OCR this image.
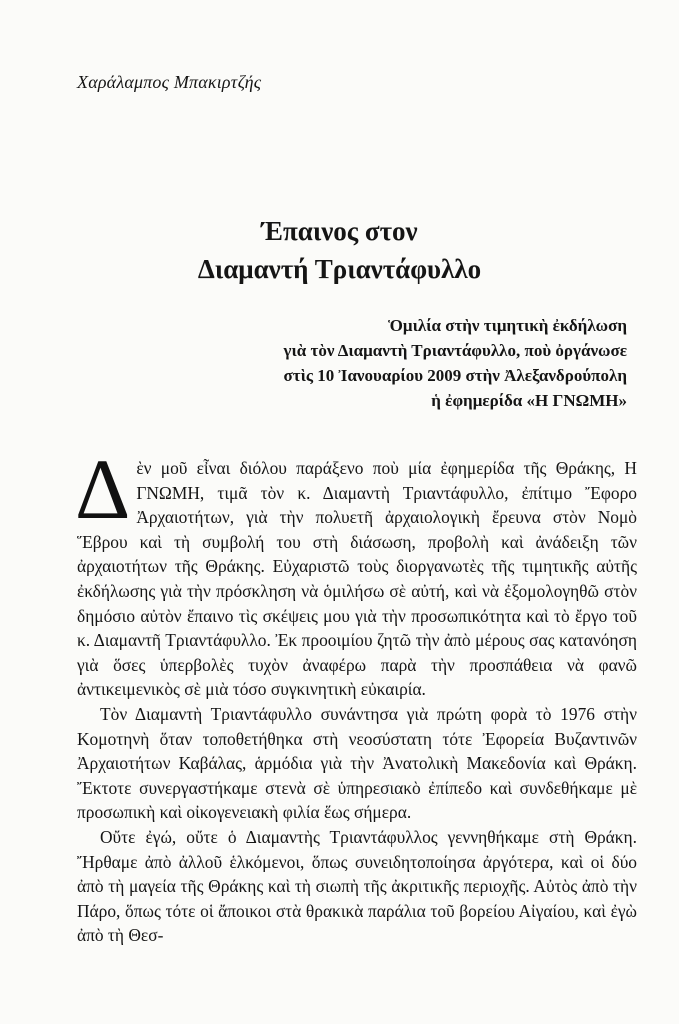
Χαράλαμπος Μπακιρτζής
Έπαινος στον
Διαμαντή Τριαντάφυλλο
Ὁμιλία στὴν τιμητικὴ ἐκδήλωση
γιὰ τὸν Διαμαντὴ Τριαντάφυλλο, ποὺ ὀργάνωσε
στὶς 10 Ἰανουαρίου 2009 στὴν Ἀλεξανδρούπολη
ἡ ἐφημερίδα «Η ΓΝΩΜΗ»

Δὲν μοῦ εἶναι διόλου παράξενο ποὺ μία ἐφημερίδα τῆς Θράκης, Η ΓΝΩΜΗ, τιμᾶ τὸν κ. Διαμαντὴ Τριαντάφυλλο, ἐπίτιμο Ἔφορο Ἀρχαιοτήτων, γιὰ τὴν πολυετῆ ἀρχαιολογικὴ ἔρευνα στὸν Νομὸ Ἕβρου καὶ τὴ συμβολή του στὴ διάσωση, προβολὴ καὶ ἀνάδειξη τῶν ἀρχαιοτήτων τῆς Θράκης. Εὐχαριστῶ τοὺς διοργανωτὲς τῆς τιμητικῆς αὐτῆς ἐκδήλωσης γιὰ τὴν πρόσκληση νὰ ὁμιλήσω σὲ αὐτή, καὶ νὰ ἐξομολογηθῶ στὸν δημόσιο αὐτὸν ἔπαινο τὶς σκέψεις μου γιὰ τὴν προσωπικότητα καὶ τὸ ἔργο τοῦ κ. Διαμαντῆ Τριαντάφυλλο. Ἐκ προοιμίου ζητῶ τὴν ἀπὸ μέρους σας κατανόηση γιὰ ὅσες ὑπερβολὲς τυχὸν ἀναφέρω παρὰ τὴν προσπάθεια νὰ φανῶ ἀντικειμενικὸς σὲ μιὰ τόσο συγκινητικὴ εὐκαιρία.

Τὸν Διαμαντὴ Τριαντάφυλλο συνάντησα γιὰ πρώτη φορὰ τὸ 1976 στὴν Κομοτηνὴ ὅταν τοποθετήθηκα στὴ νεοσύστατη τότε Ἐφορεία Βυζαντινῶν Ἀρχαιοτήτων Καβάλας, ἁρμόδια γιὰ τὴν Ἀνατολικὴ Μακεδονία καὶ Θράκη. Ἔκτοτε συνεργαστήκαμε στενὰ σὲ ὑπηρεσιακὸ ἐπίπεδο καὶ συνδεθήκαμε μὲ προσωπικὴ καὶ οἰκογενειακὴ φιλία ἕως σήμερα.

Οὔτε ἐγώ, οὔτε ὁ Διαμαντὴς Τριαντάφυλλος γεννηθήκαμε στὴ Θράκη. Ἤρθαμε ἀπὸ ἀλλοῦ ἑλκόμενοι, ὅπως συνειδητοποίησα ἀργότερα, καὶ οἱ δύο ἀπὸ τὴ μαγεία τῆς Θράκης καὶ τὴ σιωπὴ τῆς ἀκριτικῆς περιοχῆς. Αὐτὸς ἀπὸ τὴν Πάρο, ὅπως τότε οἱ ἄποικοι στὰ θρακικὰ παράλια τοῦ βορείου Αἰγαίου, καὶ ἐγὼ ἀπὸ τὴ Θεσ-
